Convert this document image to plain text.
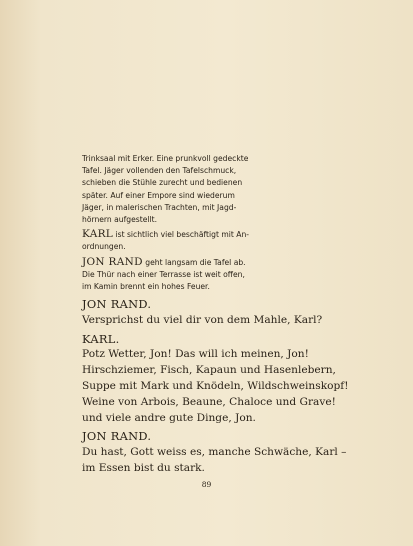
Trinksaal mit Erker. Eine prunkvoll gedeckte

Tafel. Jäger vollenden den Tafelschmuck,

schieben die Stühle zurecht und bedienen

später. Auf einer Empore sind wiederum

Jäger, in malerischen Trachten, mit Jagd-

hörnern aufgestellt.

KARL ist sichtlich viel beschäftigt mit An-

ordnungen.

JON RAND geht langsam die Tafel ab.

Die Thür nach einer Terrasse ist weit offen,

im Kamin brennt ein hohes Feuer.

JON RAND.

Versprichst du viel dir von dem Mahle, Karl?

KARL.

Potz Wetter, Jon! Das will ich meinen, Jon!

Hirschziemer, Fisch, Kapaun und Hasenlebern,

Suppe mit Mark und Knödeln, Wildschweinskopf!

Weine von Arbois, Beaune, Chaloce und Grave!

und viele andre gute Dinge, Jon.

JON RAND.

Du hast, Gott weiss es, manche Schwäche, Karl –

im Essen bist du stark.

89
